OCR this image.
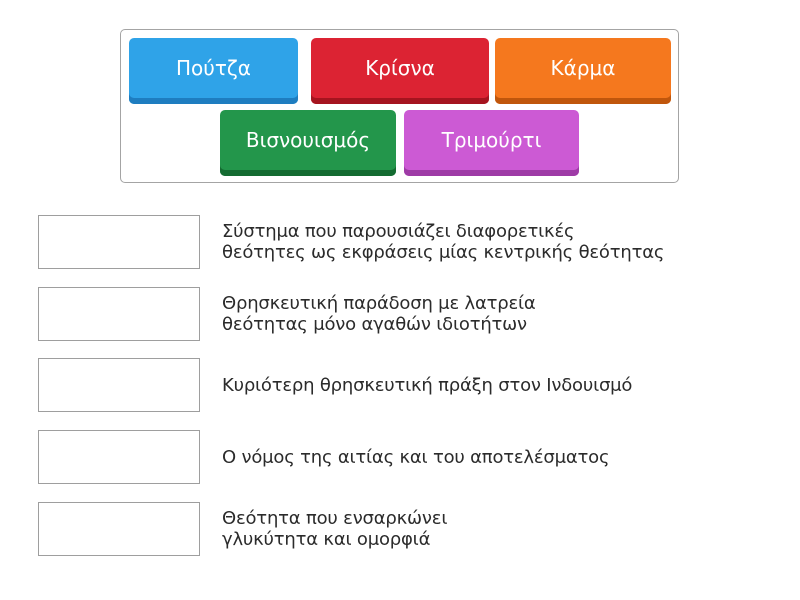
Πούτζα	Κρίσνα	Κάρμα
Βισνουισμός	Τριμούρτι
Σύστημα που παρουσιάζει διαφορετικές
θεότητες ως εκφράσεις μίας κεντρικής θεότητας
Θρησκευτική παράδοση με λατρεία
θεότητας μόνο αγαθών ιδιοτήτων
Κυριότερη θρησκευτική πράξη στον Ινδουισμό
Ο νόμος της αιτίας και του αποτελέσματος
Θεότητα που ενσαρκώνει
γλυκύτητα και ομορφιά
